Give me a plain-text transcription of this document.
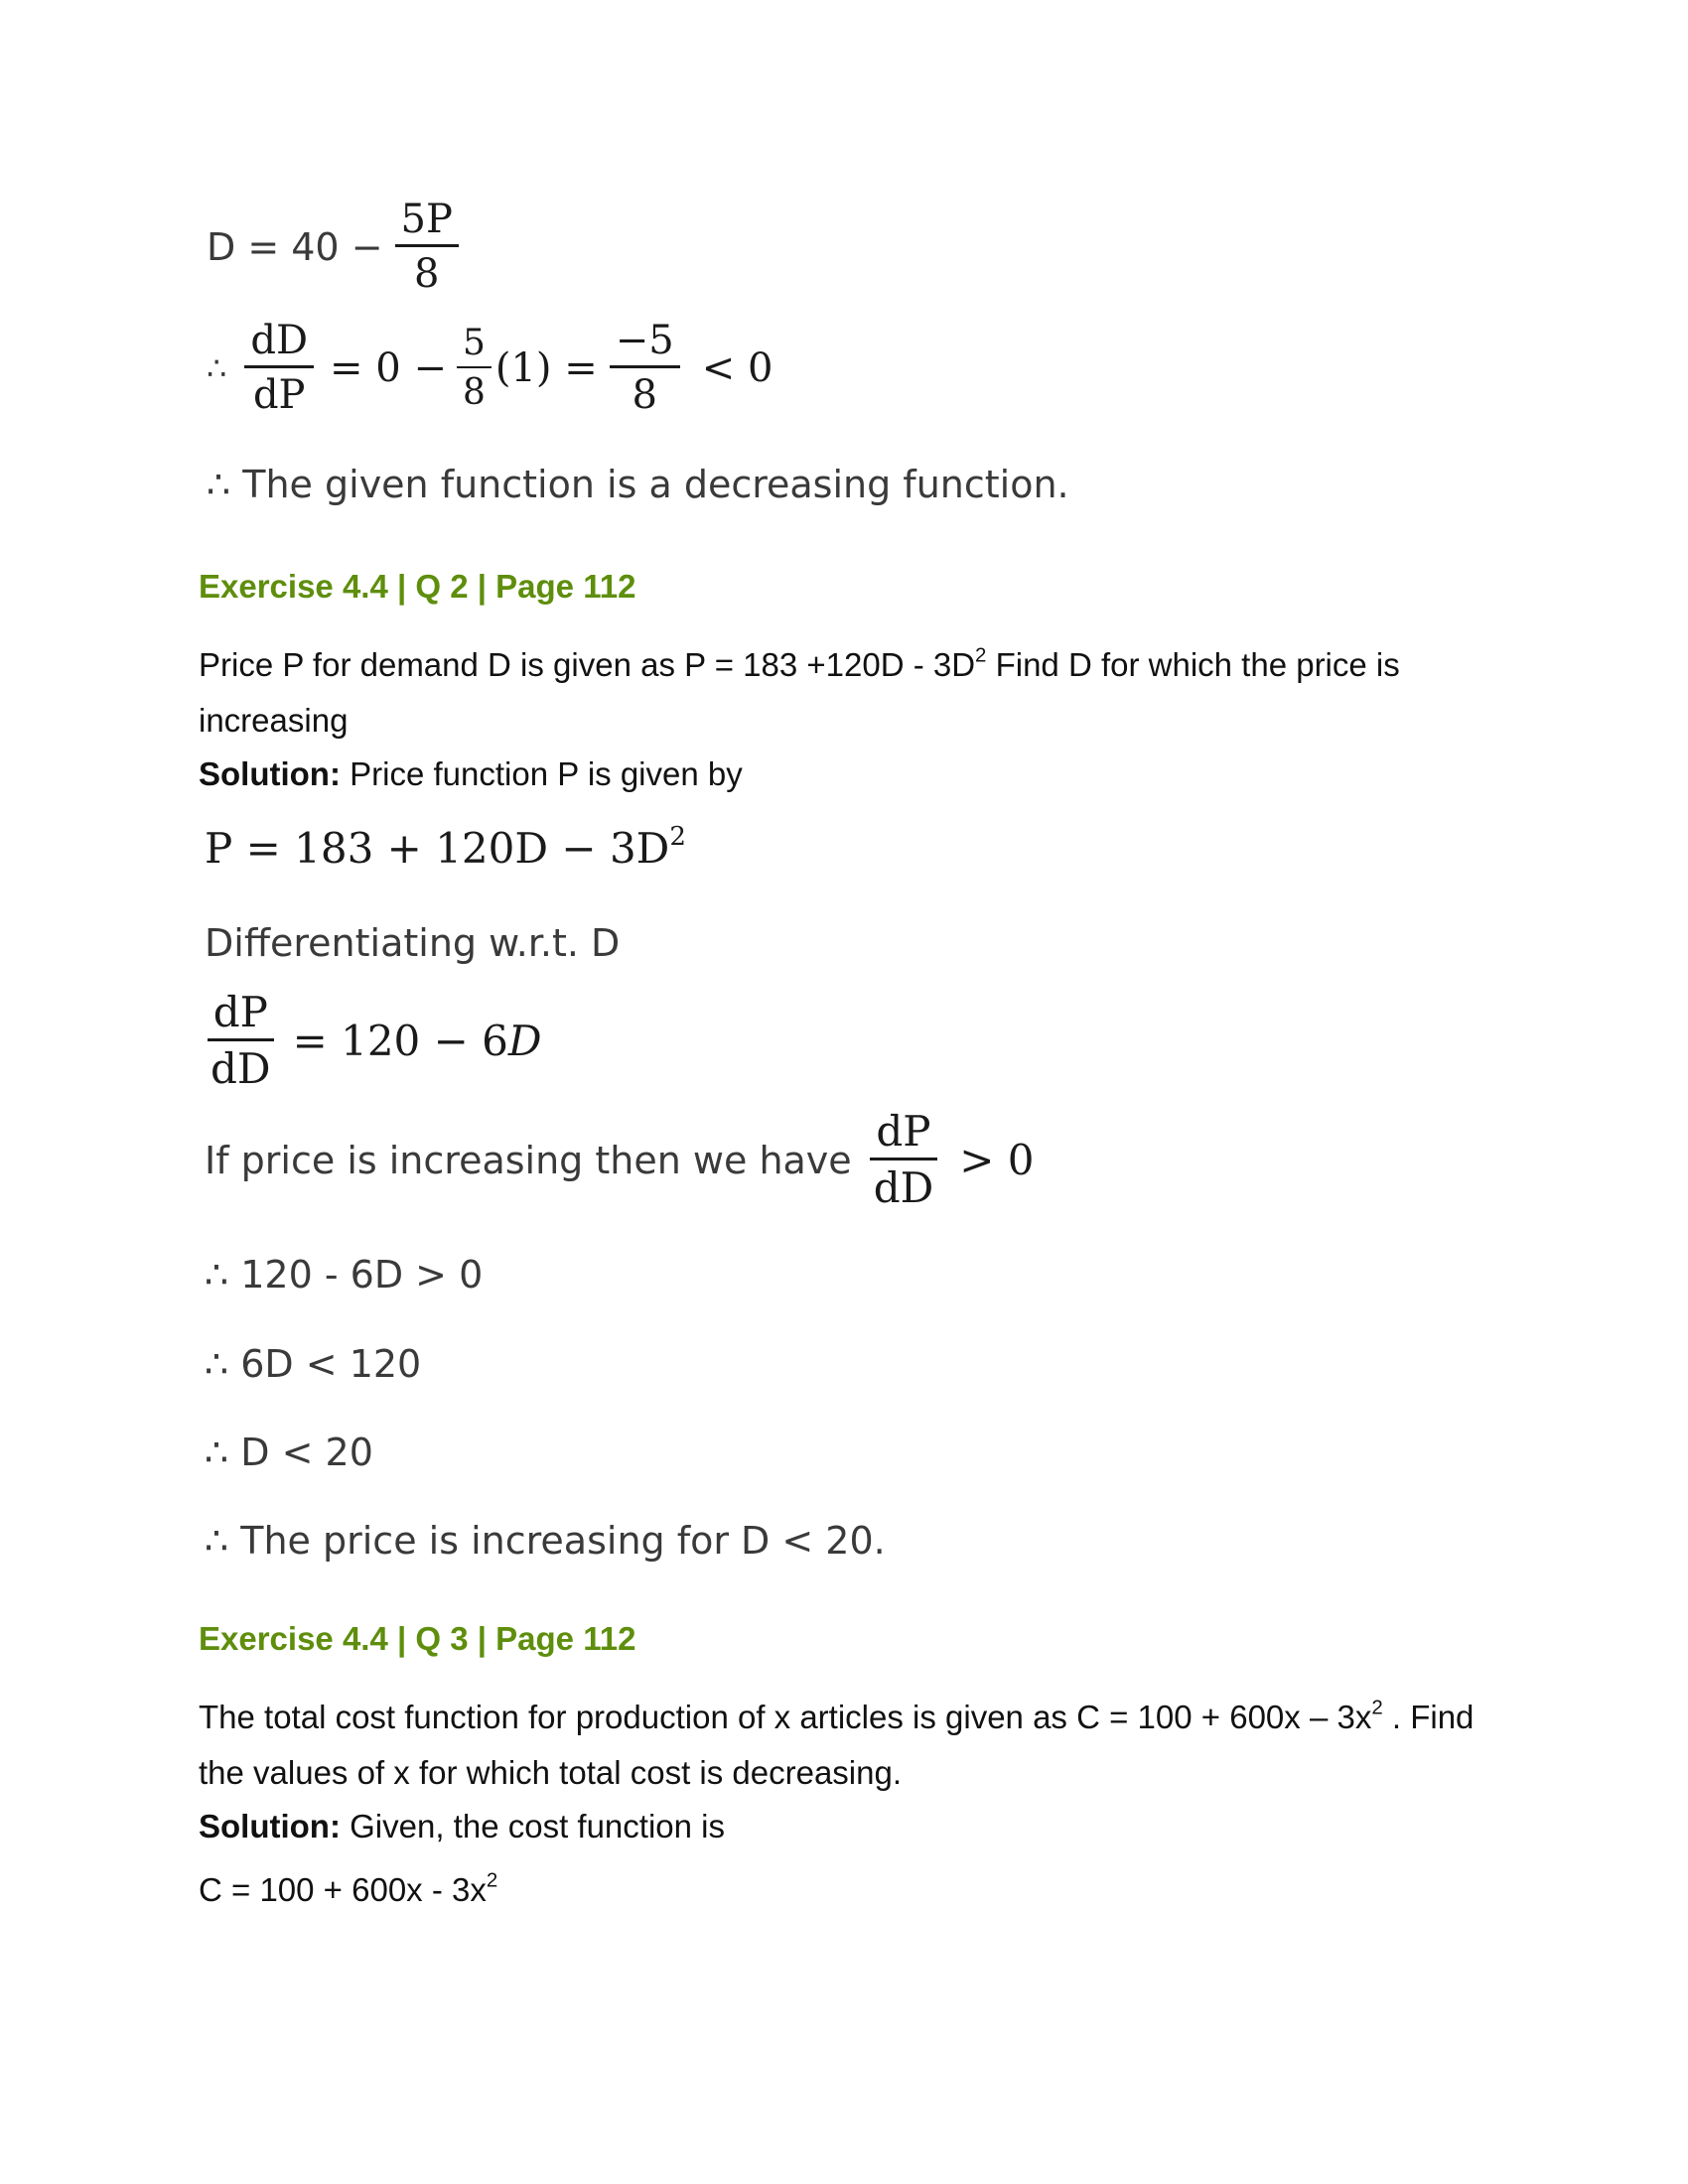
$D = 40 - \frac{5P}{8}$
∴ $\frac{dD}{dP} = 0 - \frac{5}{8} (1) = \frac{-5}{8} < 0$
∴ The given function is a decreasing function.
Exercise 4.4 | Q 2 | Page 112
Price P for demand D is given as $P = 183 +120D - 3D^2$ Find D for which the price is
increasing
Solution: Price function P is given by
$P = 183 + 120D - 3D^2$
Differentiating w.r.t. D
$\frac{dP}{dD} = 120 - 6$ D
If price is increasing then we have $\frac{dP}{dD} > 0$
∴ 120 - 6D > 0
∴ 6D < 120
∴ D < 20
∴ The price is increasing for D < 20.
Exercise 4.4 | Q 3 | Page 112
The total cost function for production of x articles is given as $C = 100 + 600x - 3x^2$ . Find
the values of x for which total cost is decreasing.
Solution: Given, the cost function is
$C = 100 + 600x - 3x^2$
